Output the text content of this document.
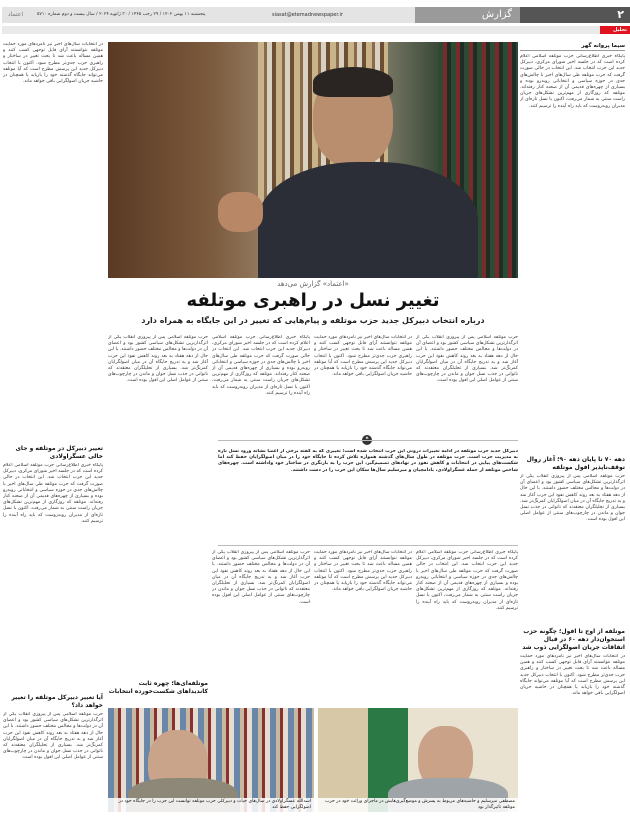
۲
گزارش
siasat@etemadnewspaper.ir
پنجشنبه ۱۱ بهمن ۱۴۰۲ / ۲۹ رجب ۱۴۴۵ / ۳۰ ژانویه ۲۰۲۴ / سال بیست و دوم شماره ۵۷۱۰
اعتماد
تحلیل
سیما پروانه گهر
پایگاه خبری اطلاع‌رسانی حزب موتلفه اسلامی اعلام کرده است که در جلسه اخیر شورای مرکزی، دبیرکل جدید این حزب انتخاب شد. این انتخاب در حالی صورت گرفت که حزب موتلفه طی سال‌های اخیر با چالش‌های جدی در حوزه سیاسی و انتخاباتی روبه‌رو بوده و بسیاری از چهره‌های قدیمی آن از صحنه کنار رفته‌اند. موتلفه که روزگاری از مهم‌ترین تشکل‌های جریان راست سنتی به شمار می‌رفت، اکنون با نسل تازه‌ای از مدیران روبه‌روست که باید راه آینده را ترسیم کنند.
دهه ۷۰ تا پایان دهه ۹۰؛ آغاز روال توقف‌ناپذیر افول موتلفه
حزب موتلفه اسلامی پس از پیروزی انقلاب یکی از اثرگذارترین تشکل‌های سیاسی کشور بود و اعضای آن در دولت‌ها و مجالس مختلف حضور داشتند. با این حال از دهه هفتاد به بعد روند کاهش نفوذ این حزب آغاز شد و به تدریج جایگاه آن در میان اصولگرایان کمرنگ‌تر شد. بسیاری از تحلیلگران معتقدند که ناتوانی در جذب نسل جوان و ماندن در چارچوب‌های سنتی از عوامل اصلی این افول بوده است.
موتلفه از اوج تا افول؛ چگونه حزب استخوان‌دار دهه ۶۰ در قبال اتفاقات جریان اصولگرایی ذوب شد
در انتخابات سال‌های اخیر نیز نامزدهای مورد حمایت موتلفه نتوانستند آرای قابل توجهی کسب کنند و همین مساله باعث شد تا بحث تغییر در ساختار و راهبری حزب جدی‌تر مطرح شود. اکنون با انتخاب دبیرکل جدید این پرسش مطرح است که آیا موتلفه می‌تواند جایگاه گذشته خود را بازیابد یا همچنان در حاشیه جریان اصولگرایی باقی خواهد ماند.
«اعتماد» گزارش می‌دهد
تغییر نسل در راهبری موتلفه
درباره انتخاب دبیرکل جدید حزب موتلفه و پیام‌هایی که تغییر در این جایگاه به همراه دارد
حزب موتلفه اسلامی پس از پیروزی انقلاب یکی از اثرگذارترین تشکل‌های سیاسی کشور بود و اعضای آن در دولت‌ها و مجالس مختلف حضور داشتند. با این حال از دهه هفتاد به بعد روند کاهش نفوذ این حزب آغاز شد و به تدریج جایگاه آن در میان اصولگرایان کمرنگ‌تر شد. بسیاری از تحلیلگران معتقدند که ناتوانی در جذب نسل جوان و ماندن در چارچوب‌های سنتی از عوامل اصلی این افول بوده است.
در انتخابات سال‌های اخیر نیز نامزدهای مورد حمایت موتلفه نتوانستند آرای قابل توجهی کسب کنند و همین مساله باعث شد تا بحث تغییر در ساختار و راهبری حزب جدی‌تر مطرح شود. اکنون با انتخاب دبیرکل جدید این پرسش مطرح است که آیا موتلفه می‌تواند جایگاه گذشته خود را بازیابد یا همچنان در حاشیه جریان اصولگرایی باقی خواهد ماند.
پایگاه خبری اطلاع‌رسانی حزب موتلفه اسلامی اعلام کرده است که در جلسه اخیر شورای مرکزی، دبیرکل جدید این حزب انتخاب شد. این انتخاب در حالی صورت گرفت که حزب موتلفه طی سال‌های اخیر با چالش‌های جدی در حوزه سیاسی و انتخاباتی روبه‌رو بوده و بسیاری از چهره‌های قدیمی آن از صحنه کنار رفته‌اند. موتلفه که روزگاری از مهم‌ترین تشکل‌های جریان راست سنتی به شمار می‌رفت، اکنون با نسل تازه‌ای از مدیران روبه‌روست که باید راه آینده را ترسیم کنند.
حزب موتلفه اسلامی پس از پیروزی انقلاب یکی از اثرگذارترین تشکل‌های سیاسی کشور بود و اعضای آن در دولت‌ها و مجالس مختلف حضور داشتند. با این حال از دهه هفتاد به بعد روند کاهش نفوذ این حزب آغاز شد و به تدریج جایگاه آن در میان اصولگرایان کمرنگ‌تر شد. بسیاری از تحلیلگران معتقدند که ناتوانی در جذب نسل جوان و ماندن در چارچوب‌های سنتی از عوامل اصلی این افول بوده است.
❝
دبیرکل جدید حزب موتلفه در ادامه تغییرات درونی این حزب انتخاب شده است؛ تغییری که به گفته برخی از اعضا نشانه ورود نسل تازه به مدیریت حزب است. حزب موتلفه در طول سال‌های گذشته همواره تلاش کرده تا جایگاه خود را در میان اصولگرایان حفظ کند اما شکست‌های پیاپی در انتخابات و کاهش نفوذ در نهادهای تصمیم‌گیر، این حزب را به بازنگری در ساختار خود واداشته است. چهره‌های شاخص موتلفه از جمله عسگراولادی، بادامچیان و میرسلیم سال‌ها سکان این حزب را در دست داشتند.
پایگاه خبری اطلاع‌رسانی حزب موتلفه اسلامی اعلام کرده است که در جلسه اخیر شورای مرکزی، دبیرکل جدید این حزب انتخاب شد. این انتخاب در حالی صورت گرفت که حزب موتلفه طی سال‌های اخیر با چالش‌های جدی در حوزه سیاسی و انتخاباتی روبه‌رو بوده و بسیاری از چهره‌های قدیمی آن از صحنه کنار رفته‌اند. موتلفه که روزگاری از مهم‌ترین تشکل‌های جریان راست سنتی به شمار می‌رفت، اکنون با نسل تازه‌ای از مدیران روبه‌روست که باید راه آینده را ترسیم کنند.
در انتخابات سال‌های اخیر نیز نامزدهای مورد حمایت موتلفه نتوانستند آرای قابل توجهی کسب کنند و همین مساله باعث شد تا بحث تغییر در ساختار و راهبری حزب جدی‌تر مطرح شود. اکنون با انتخاب دبیرکل جدید این پرسش مطرح است که آیا موتلفه می‌تواند جایگاه گذشته خود را بازیابد یا همچنان در حاشیه جریان اصولگرایی باقی خواهد ماند.
حزب موتلفه اسلامی پس از پیروزی انقلاب یکی از اثرگذارترین تشکل‌های سیاسی کشور بود و اعضای آن در دولت‌ها و مجالس مختلف حضور داشتند. با این حال از دهه هفتاد به بعد روند کاهش نفوذ این حزب آغاز شد و به تدریج جایگاه آن در میان اصولگرایان کمرنگ‌تر شد. بسیاری از تحلیلگران معتقدند که ناتوانی در جذب نسل جوان و ماندن در چارچوب‌های سنتی از عوامل اصلی این افول بوده است.
موتلفه‌ای‌ها؛ چهره ثابت کاندیداهای شکست‌خورده انتخابات
اسدالله عسگراولادی در سال‌های حیات و دبیرکلی حزب موتلفه توانست این حزب را در جایگاه خود در اصولگرایی حفظ کند
مصطفی میرسلیم و حاشیه‌های مربوط به پسرش و موضع‌گیری‌هایش در ماجرای وراثت خود در حزب موتلفه تاثیرگذار بود
در انتخابات سال‌های اخیر نیز نامزدهای مورد حمایت موتلفه نتوانستند آرای قابل توجهی کسب کنند و همین مساله باعث شد تا بحث تغییر در ساختار و راهبری حزب جدی‌تر مطرح شود. اکنون با انتخاب دبیرکل جدید این پرسش مطرح است که آیا موتلفه می‌تواند جایگاه گذشته خود را بازیابد یا همچنان در حاشیه جریان اصولگرایی باقی خواهد ماند.
تغییر دبیرکل در موتلفه و جای خالی عسگراولادی
پایگاه خبری اطلاع‌رسانی حزب موتلفه اسلامی اعلام کرده است که در جلسه اخیر شورای مرکزی، دبیرکل جدید این حزب انتخاب شد. این انتخاب در حالی صورت گرفت که حزب موتلفه طی سال‌های اخیر با چالش‌های جدی در حوزه سیاسی و انتخاباتی روبه‌رو بوده و بسیاری از چهره‌های قدیمی آن از صحنه کنار رفته‌اند. موتلفه که روزگاری از مهم‌ترین تشکل‌های جریان راست سنتی به شمار می‌رفت، اکنون با نسل تازه‌ای از مدیران روبه‌روست که باید راه آینده را ترسیم کنند.
آیا تغییر دبیرکل موتلفه را تغییر خواهد داد؟
حزب موتلفه اسلامی پس از پیروزی انقلاب یکی از اثرگذارترین تشکل‌های سیاسی کشور بود و اعضای آن در دولت‌ها و مجالس مختلف حضور داشتند. با این حال از دهه هفتاد به بعد روند کاهش نفوذ این حزب آغاز شد و به تدریج جایگاه آن در میان اصولگرایان کمرنگ‌تر شد. بسیاری از تحلیلگران معتقدند که ناتوانی در جذب نسل جوان و ماندن در چارچوب‌های سنتی از عوامل اصلی این افول بوده است.
